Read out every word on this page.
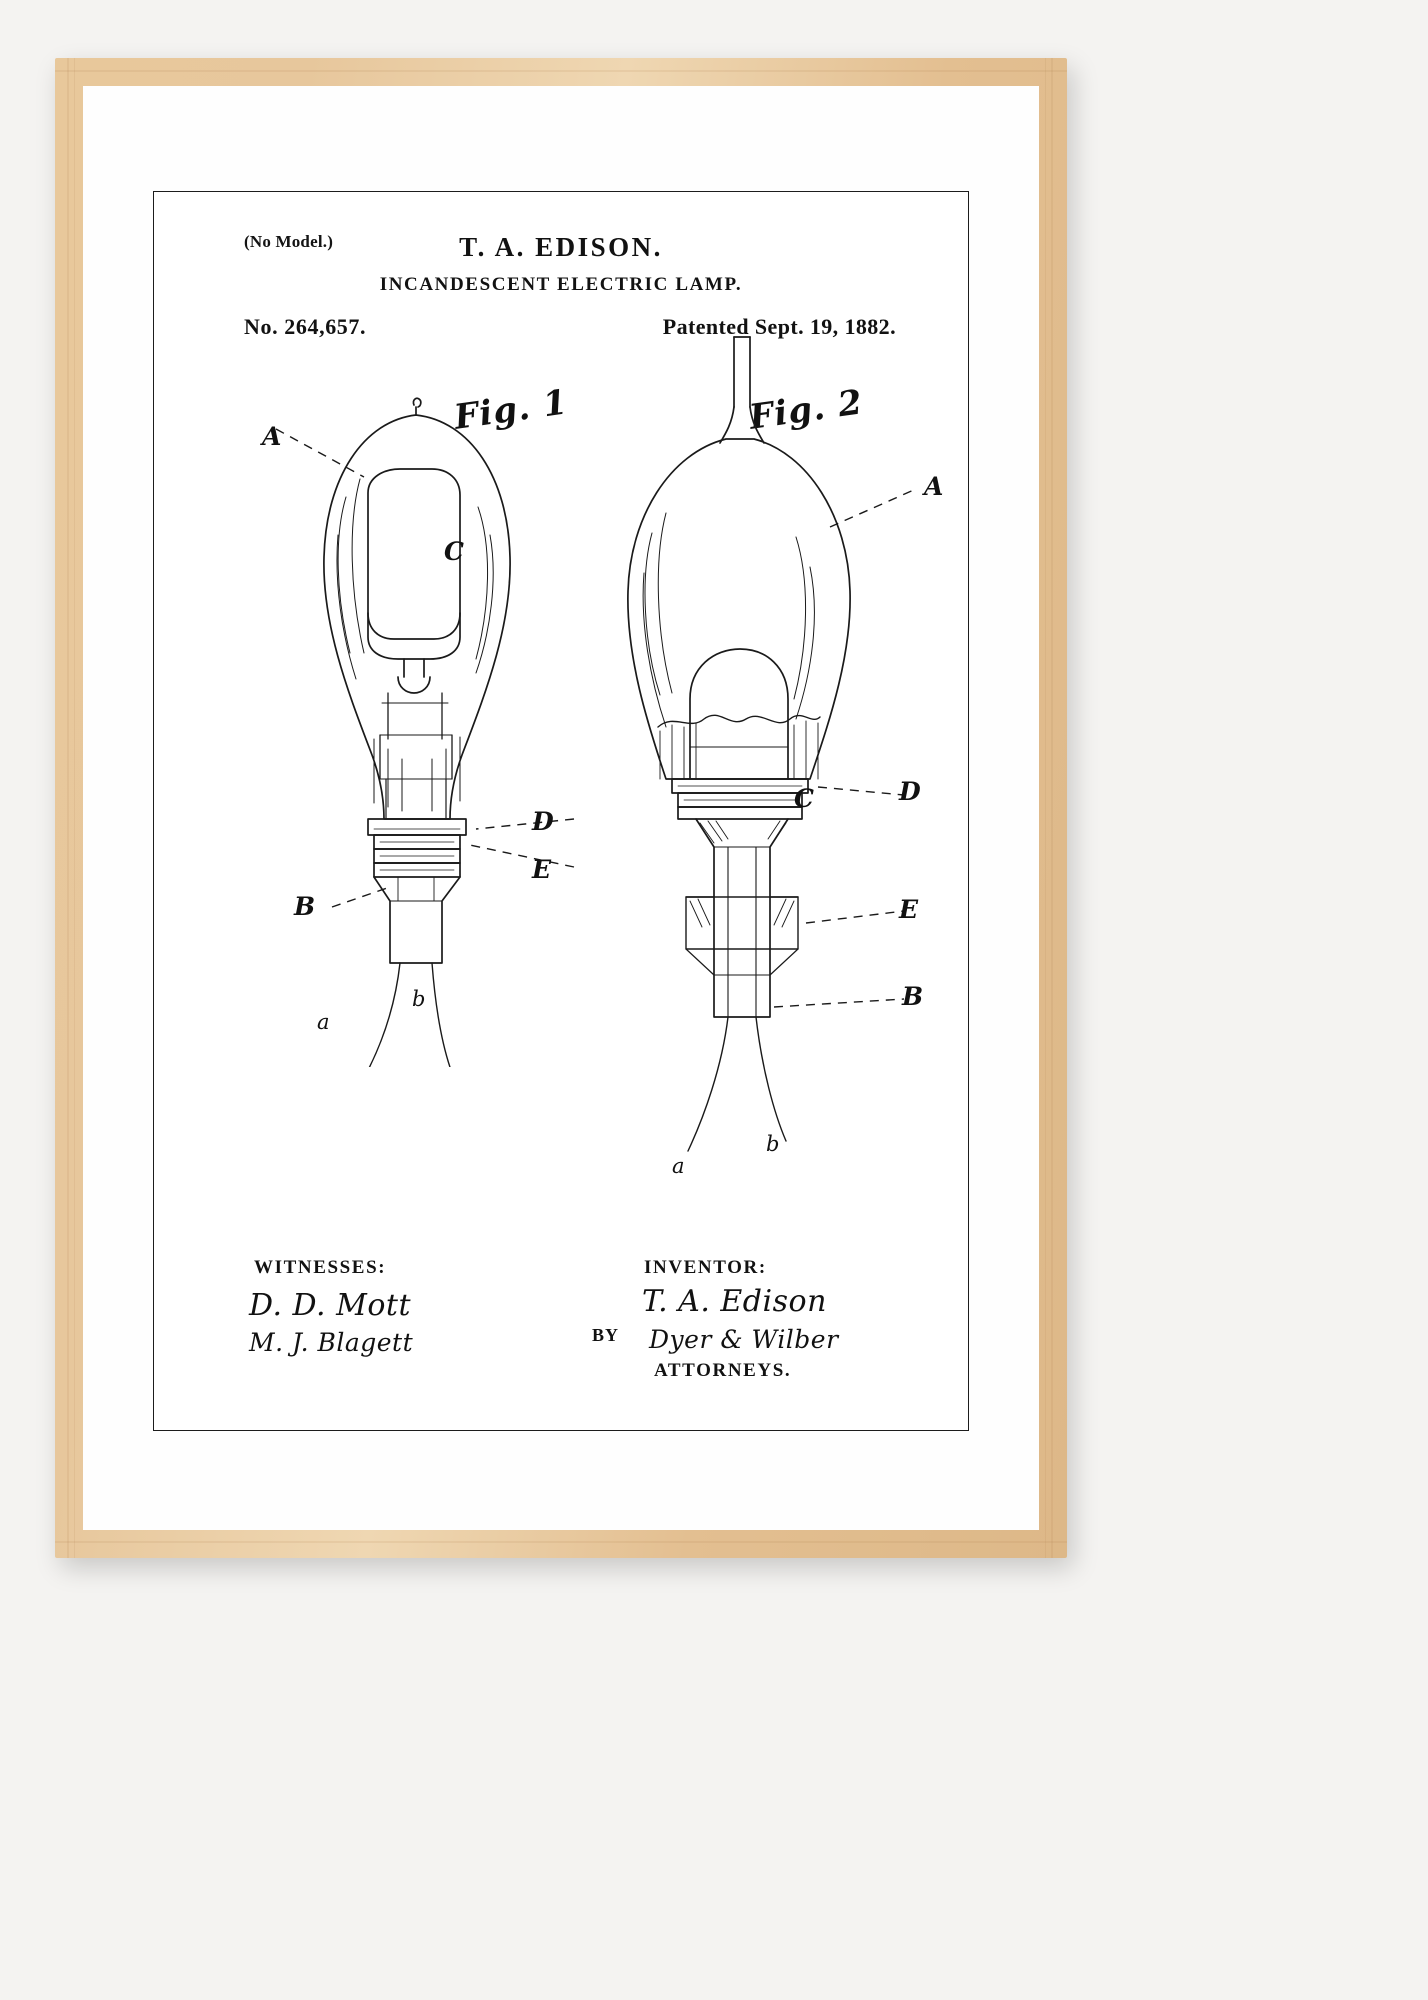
(No Model.)	T. A. EDISON.
INCANDESCENT ELECTRIC LAMP.
No. 264,657.	Patented Sept. 19, 1882.
Fig. 1	Fig. 2
A
C
D
E
B
a
b
A
C	D
E
B
a
b
WITNESSES:
D. D. Mott
M. J. Blagett
INVENTOR:
T. A. Edison
BY Dyer & Wilber
ATTORNEYS.
